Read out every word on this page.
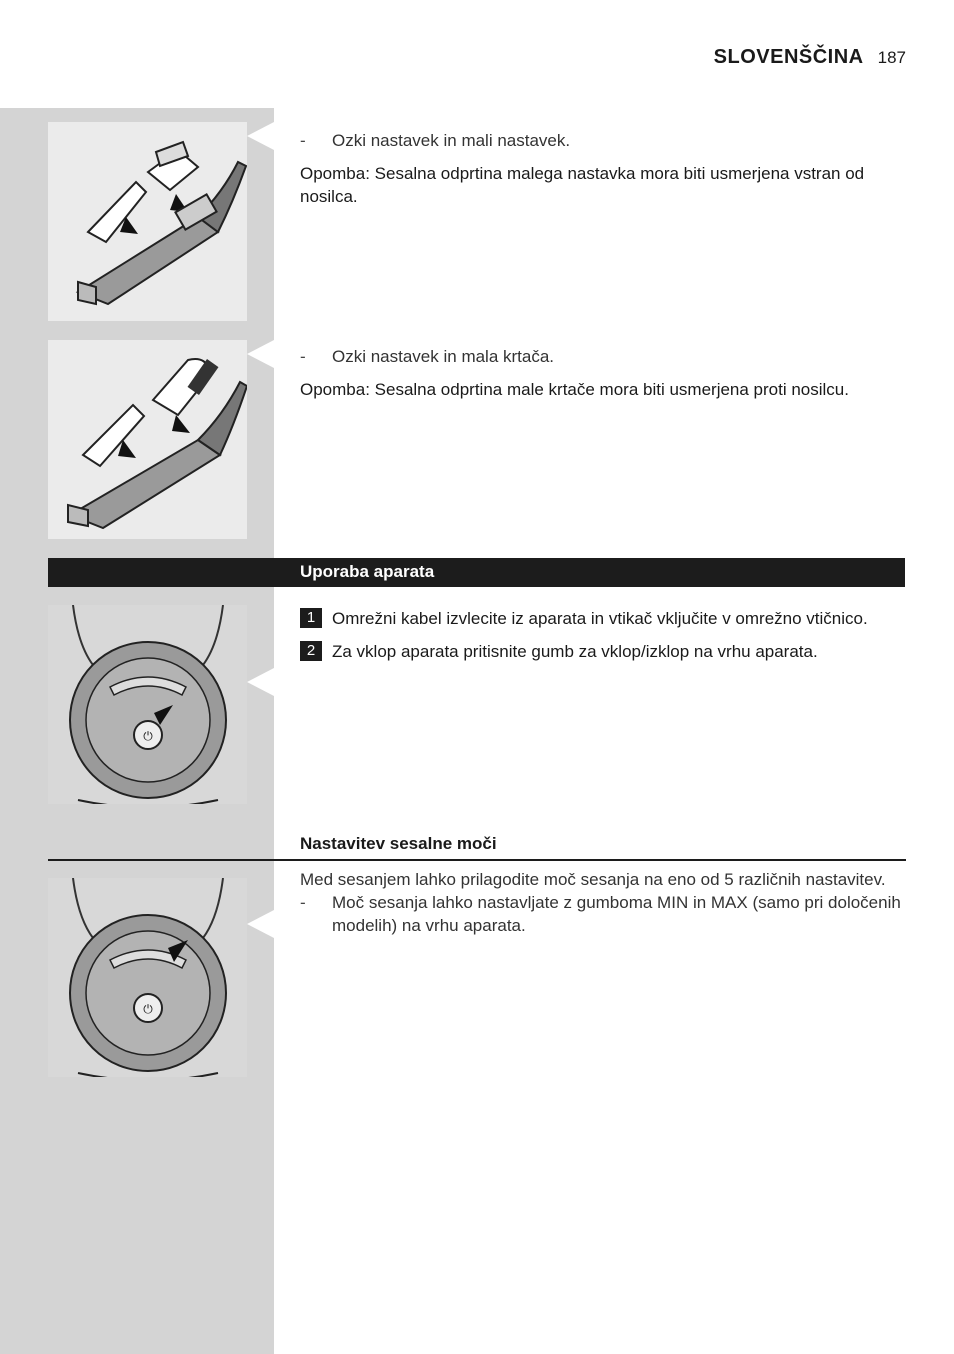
SLOVENŠČINA 187
-	Ozki nastavek in mali nastavek.
Opomba: Sesalna odprtina malega nastavka mora biti usmerjena vstran od nosilca.
-	Ozki nastavek in mala krtača.
Opomba: Sesalna odprtina male krtače mora biti usmerjena proti nosilcu.
Uporaba aparata
⏻
1 Omrežni kabel izvlecite iz aparata in vtikač vključite v omrežno vtičnico.
2 Za vklop aparata pritisnite gumb za vklop/izklop na vrhu aparata.
Nastavitev sesalne moči
⏻
Med sesanjem lahko prilagodite moč sesanja na eno od 5 različnih nastavitev.
-	Moč sesanja lahko nastavljate z gumboma MIN in MAX (samo pri določenih modelih) na vrhu aparata.
